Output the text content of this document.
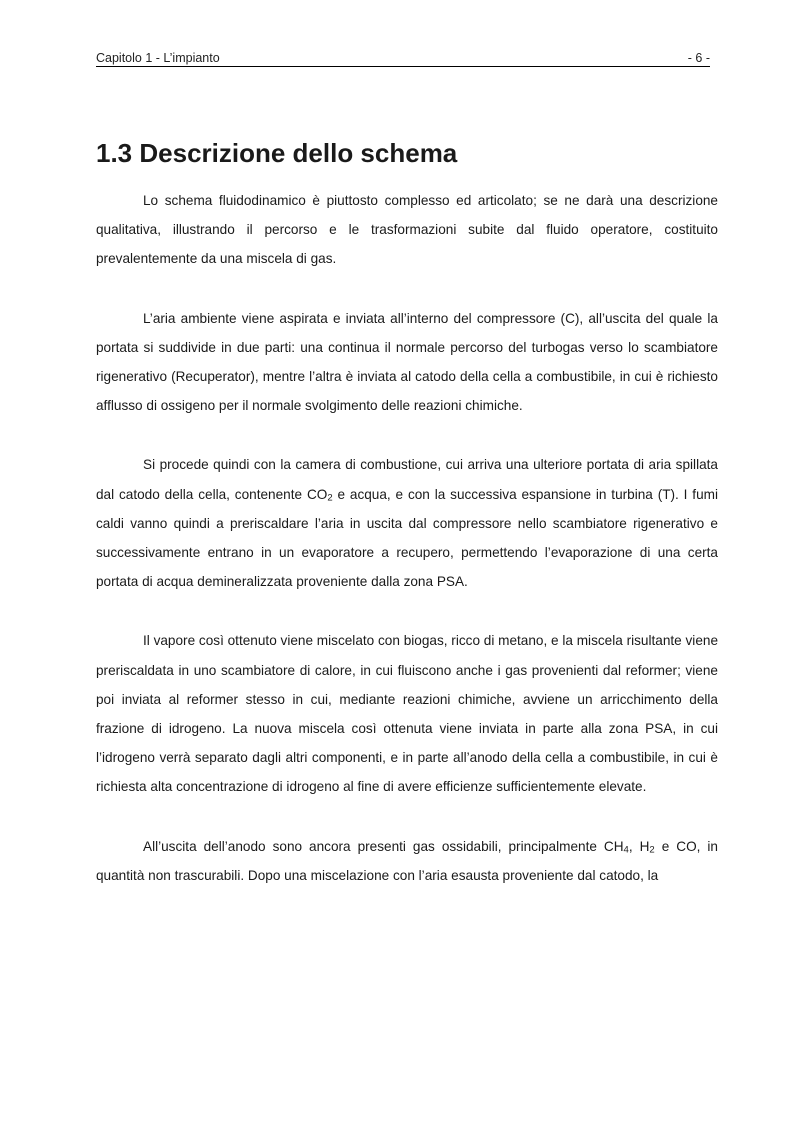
Capitolo 1 - L’impianto	- 6 -
1.3 Descrizione dello schema

Lo schema fluidodinamico è piuttosto complesso ed articolato; se ne darà una descrizione qualitativa, illustrando il percorso e le trasformazioni subite dal fluido operatore, costituito prevalentemente da una miscela di gas.

L’aria ambiente viene aspirata e inviata all’interno del compressore (C), all’uscita del quale la portata si suddivide in due parti: una continua il normale percorso del turbogas verso lo scambiatore rigenerativo (Recuperator), mentre l’altra è inviata al catodo della cella a combustibile, in cui è richiesto afflusso di ossigeno per il normale svolgimento delle reazioni chimiche.

Si procede quindi con la camera di combustione, cui arriva una ulteriore portata di aria spillata dal catodo della cella, contenente $CO_2$ e acqua, e con la successiva espansione in turbina (T). I fumi caldi vanno quindi a preriscaldare l’aria in uscita dal compressore nello scambiatore rigenerativo e successivamente entrano in un evaporatore a recupero, permettendo l’evaporazione di una certa portata di acqua demineralizzata proveniente dalla zona PSA.

Il vapore così ottenuto viene miscelato con biogas, ricco di metano, e la miscela risultante viene preriscaldata in uno scambiatore di calore, in cui fluiscono anche i gas provenienti dal reformer; viene poi inviata al reformer stesso in cui, mediante reazioni chimiche, avviene un arricchimento della frazione di idrogeno. La nuova miscela così ottenuta viene inviata in parte alla zona PSA, in cui l’idrogeno verrà separato dagli altri componenti, e in parte all’anodo della cella a combustibile, in cui è richiesta alta concentrazione di idrogeno al fine di avere efficienze sufficientemente elevate.

All’uscita dell’anodo sono ancora presenti gas ossidabili, principalmente $CH_4$, $H_2$ e CO, in quantità non trascurabili. Dopo una miscelazione con l’aria esausta proveniente dal catodo, la
